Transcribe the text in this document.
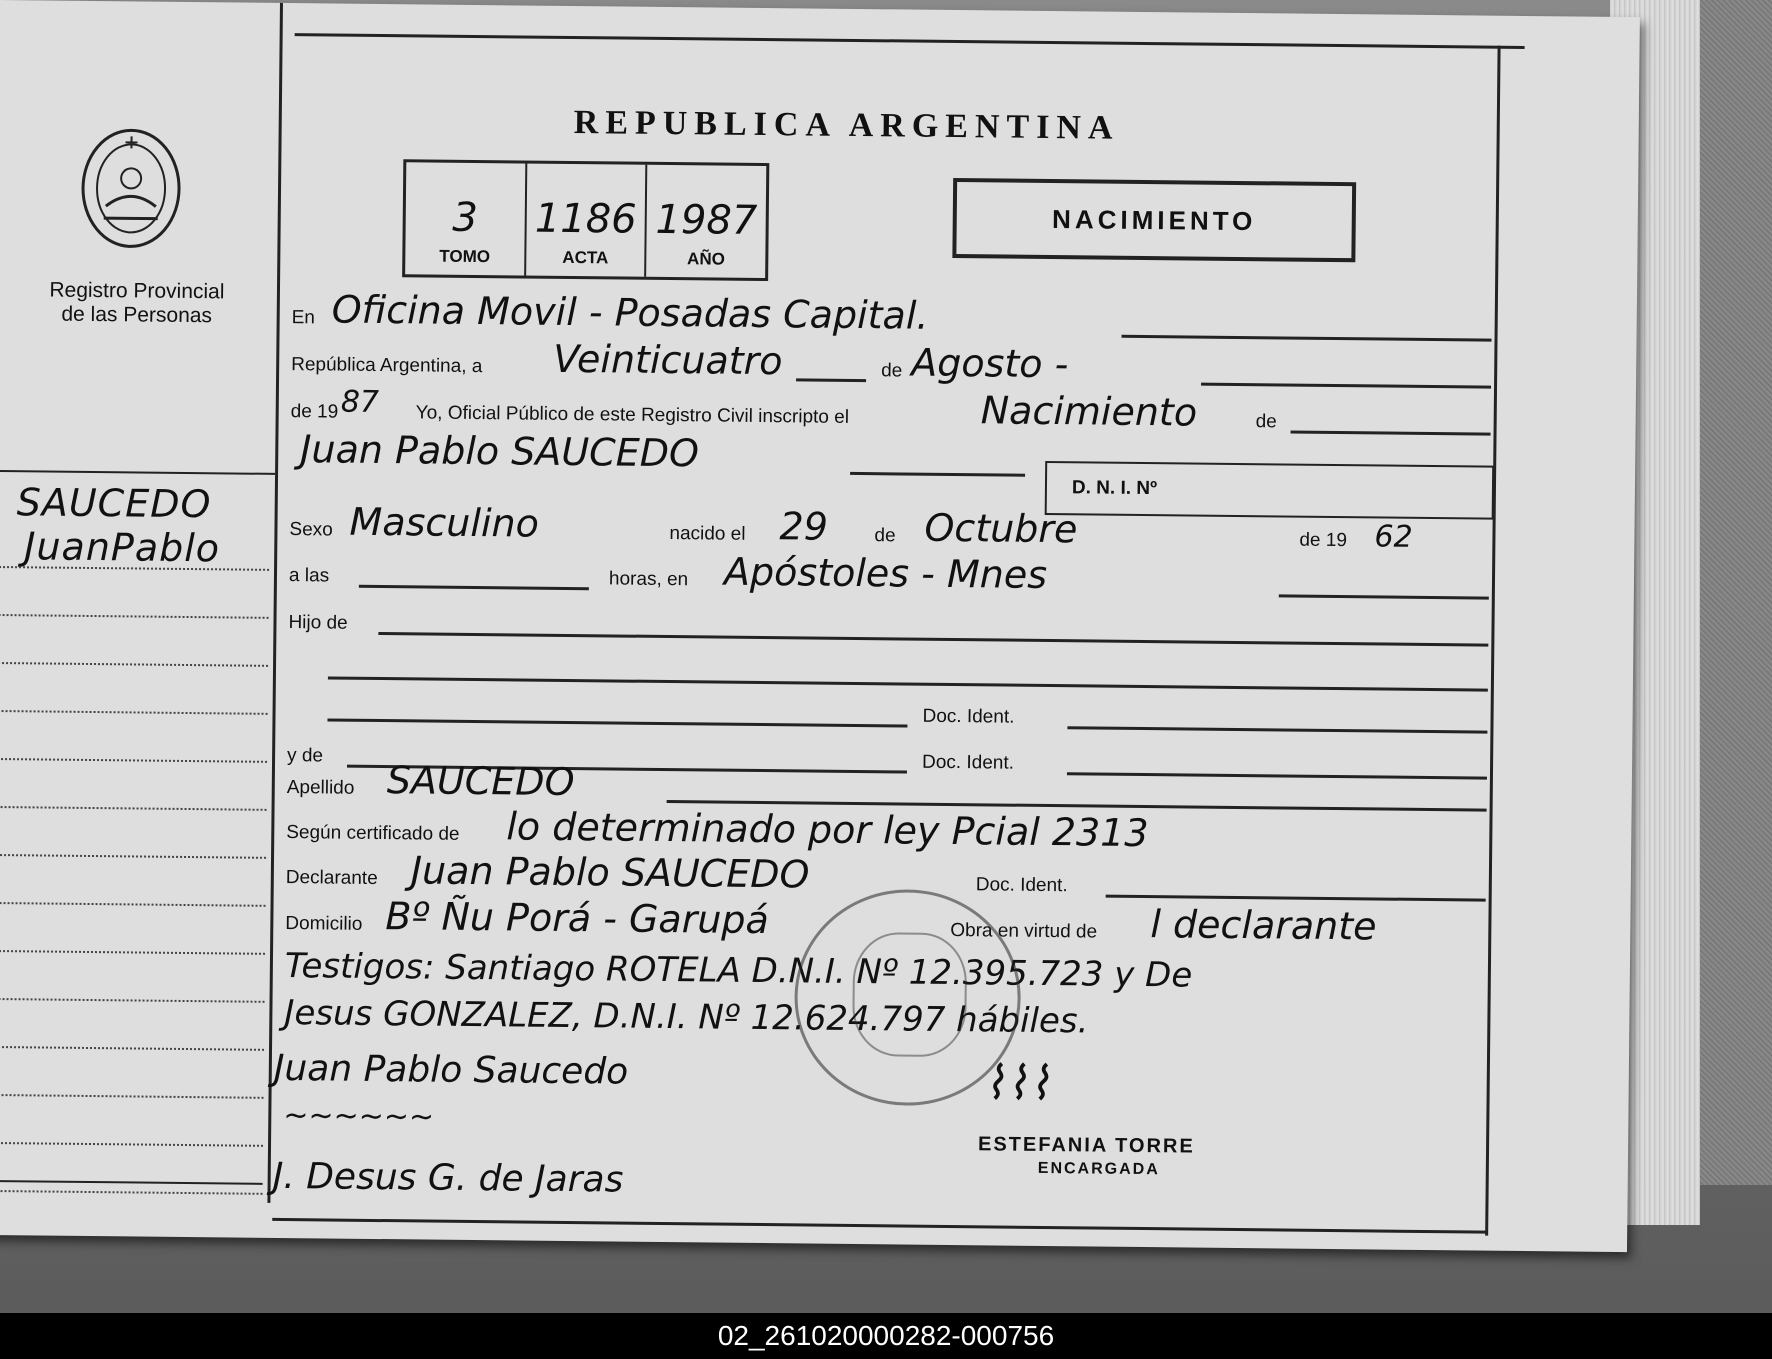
Registro Provincial
de las Personas
SAUCEDO
JuanPablo
REPUBLICA ARGENTINA
3
TOMO
1186
ACTA
1987
AÑO
NACIMIENTO
En Oficina Movil - Posadas Capital.
República Argentina, a Veinticuatro	de Agosto -
de 19 87 Yo, Oficial Público de este Registro Civil inscripto el	Nacimiento	de
Juan Pablo SAUCEDO
D. N. I. Nº
Sexo Masculino	nacido el 29 de Octubre	de 19 62
a las	horas, en Apóstoles - Mnes
Hijo de
Doc. Ident.
y de	Doc. Ident.
Apellido SAUCEDO
Según certificado de lo determinado por ley Pcial 2313
Declarante Juan Pablo SAUCEDO	Doc. Ident.
Domicilio Bº Ñu Porá - Garupá	Obra en virtud de l declarante
Testigos: Santiago ROTELA D.N.I. Nº 12.395.723 y De
Jesus GONZALEZ, D.N.I. Nº 12.624.797 hábiles.
Juan Pablo Saucedo
~~~~~~
J. Desus G. de Jaras
⌇⌇⌇
ESTEFANIA TORRE
ENCARGADA
02_261020000282-000756
